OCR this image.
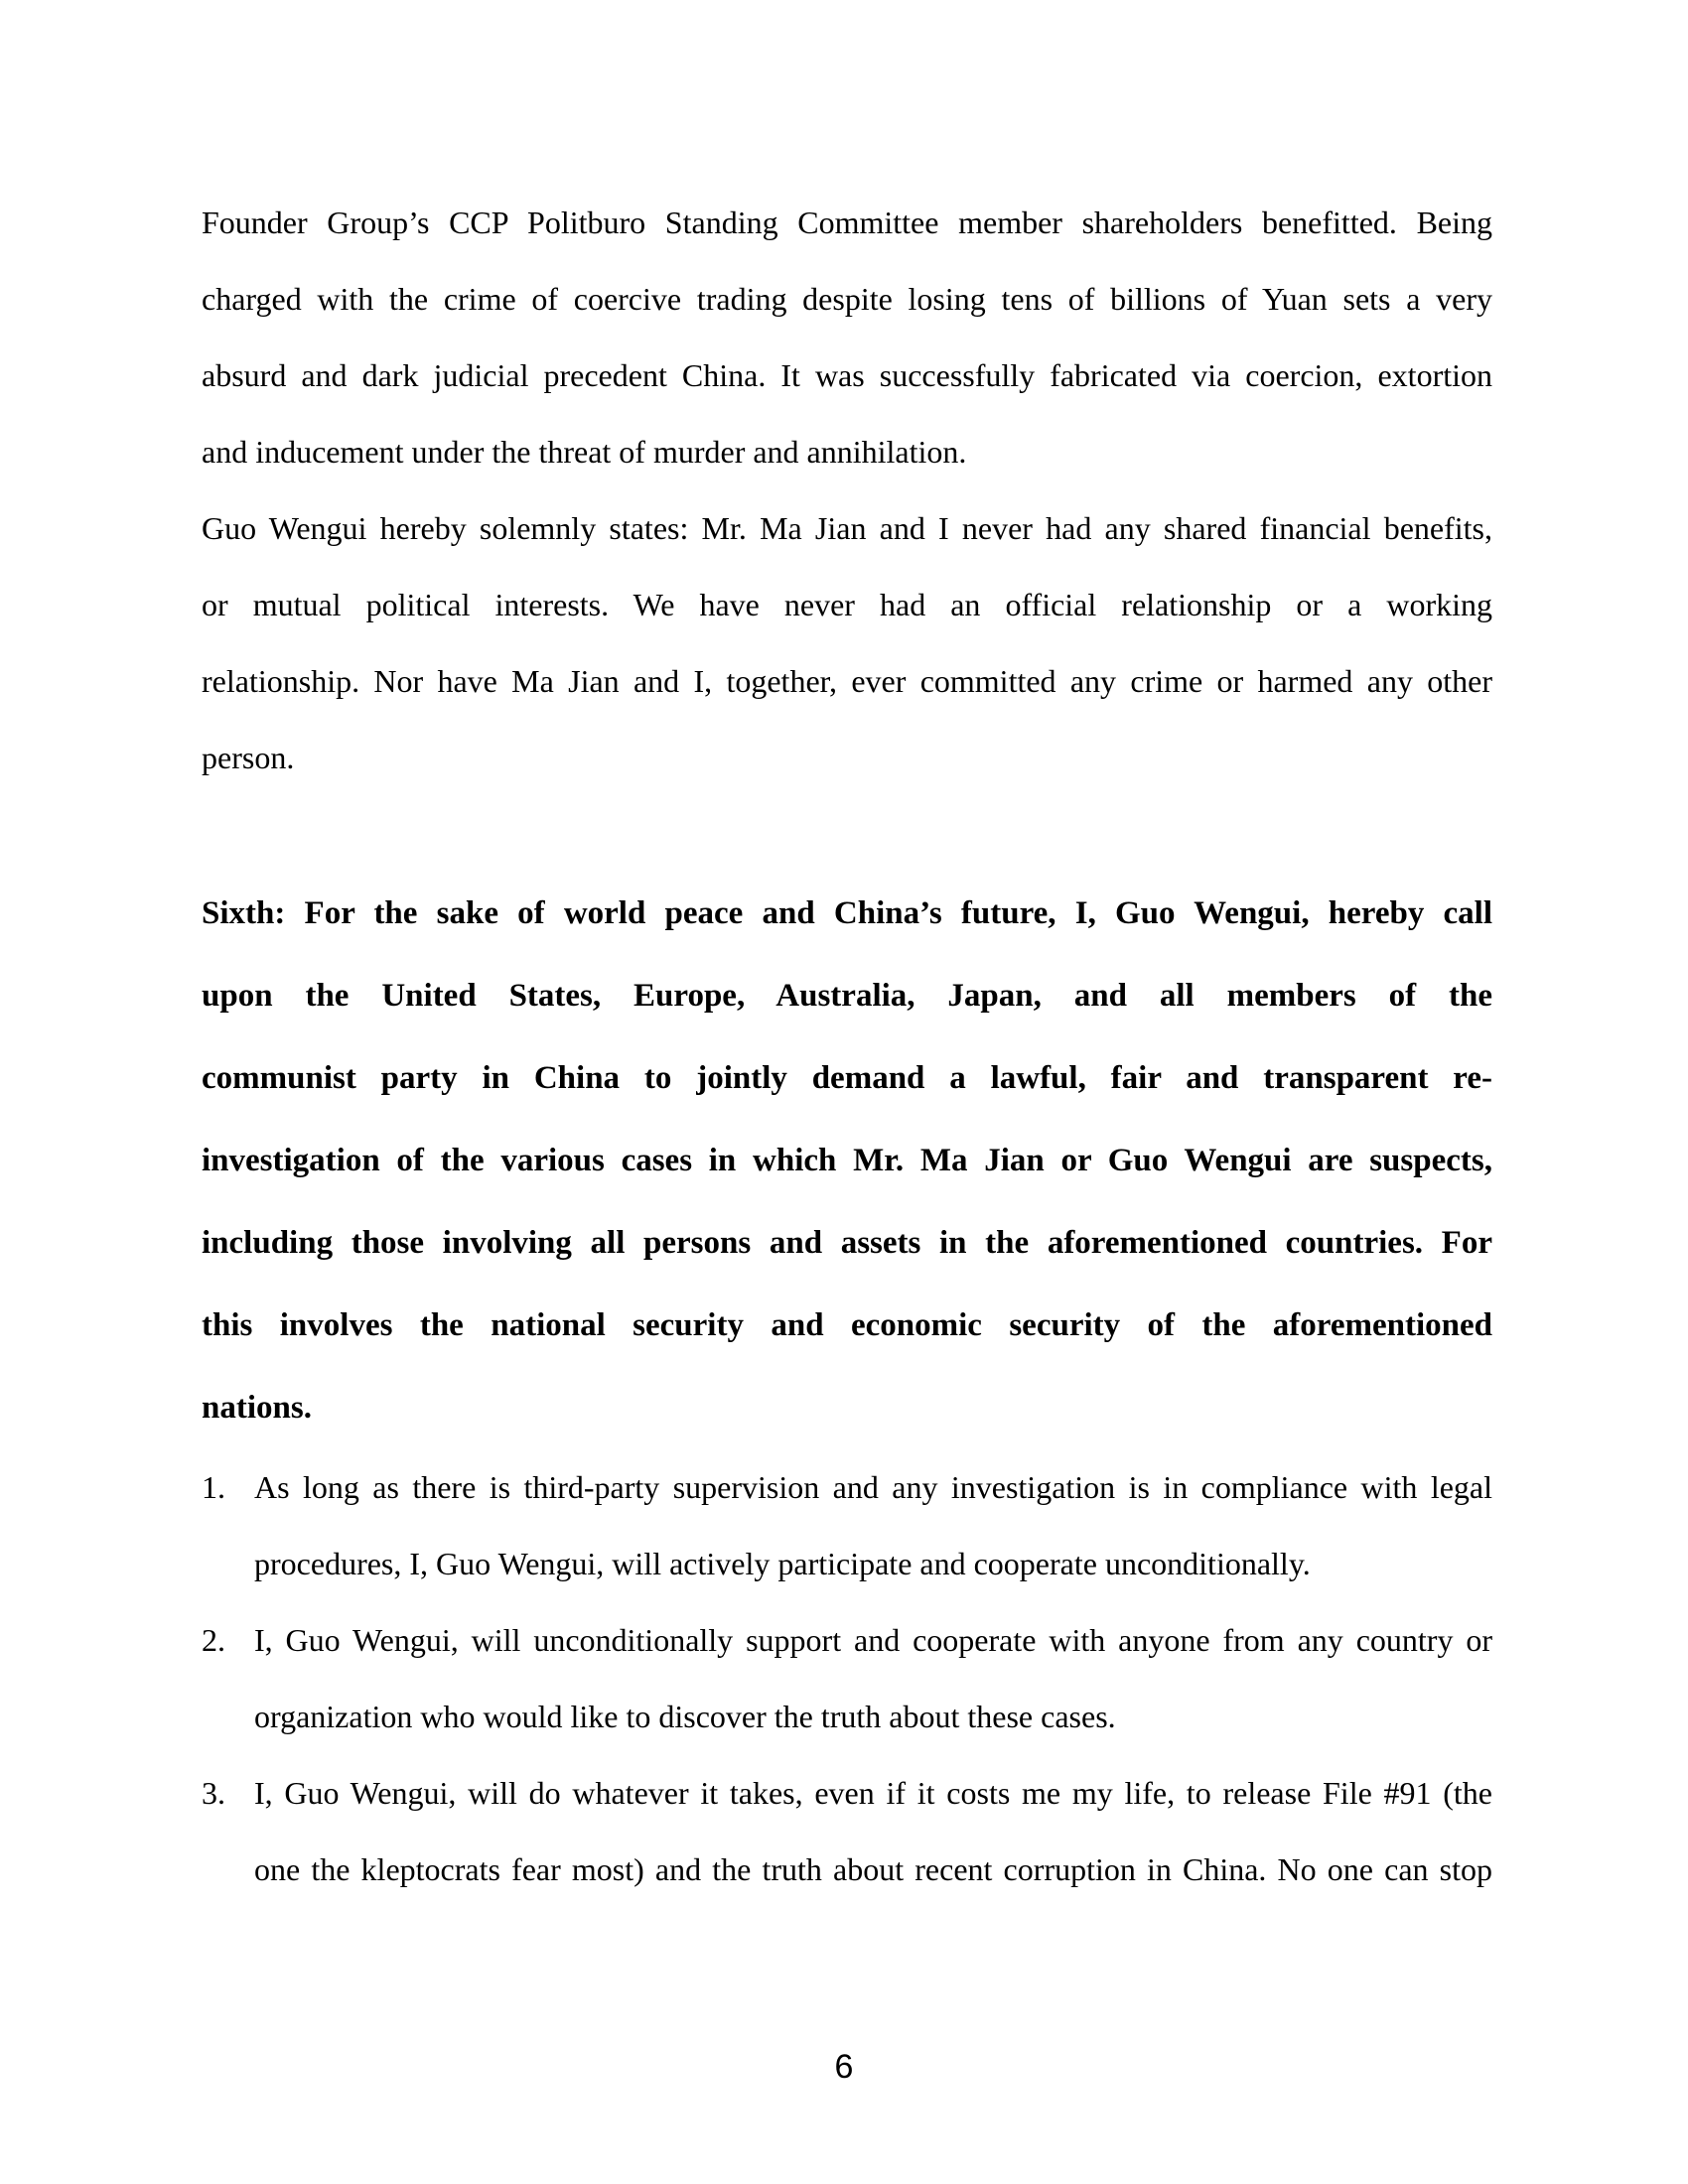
Founder Group’s CCP Politburo Standing Committee member shareholders benefitted. Being
charged with the crime of coercive trading despite losing tens of billions of Yuan sets a very
absurd and dark judicial precedent China. It was successfully fabricated via coercion, extortion
and inducement under the threat of murder and annihilation.
Guo Wengui hereby solemnly states: Mr. Ma Jian and I never had any shared financial benefits,
or mutual political interests. We have never had an official relationship or a working
relationship. Nor have Ma Jian and I, together, ever committed any crime or harmed any other
person.
Sixth: For the sake of world peace and China’s future, I, Guo Wengui, hereby call
upon the United States, Europe, Australia, Japan, and all members of the
communist party in China to jointly demand a lawful, fair and transparent re-
investigation of the various cases in which Mr. Ma Jian or Guo Wengui are suspects,
including those involving all persons and assets in the aforementioned countries. For
this involves the national security and economic security of the aforementioned
nations.
1. As long as there is third-party supervision and any investigation is in compliance with legal
procedures, I, Guo Wengui, will actively participate and cooperate unconditionally.
2. I, Guo Wengui, will unconditionally support and cooperate with anyone from any country or
organization who would like to discover the truth about these cases.
3. I, Guo Wengui, will do whatever it takes, even if it costs me my life, to release File #91 (the
one the kleptocrats fear most) and the truth about recent corruption in China. No one can stop
6
